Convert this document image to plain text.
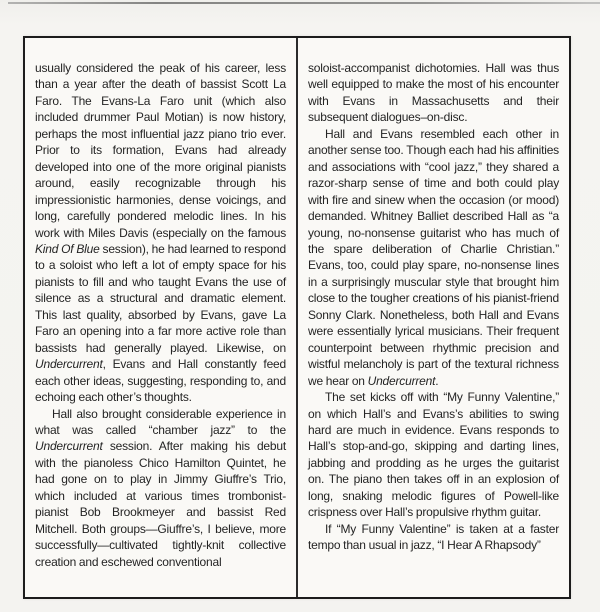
usually considered the peak of his career, less than a year after the death of bassist Scott La Faro. The Evans-La Faro unit (which also included drummer Paul Motian) is now history, perhaps the most influential jazz piano trio ever. Prior to its formation, Evans had already developed into one of the more original pianists around, easily recognizable through his impressionistic harmonies, dense voicings, and long, carefully pondered melodic lines. In his work with Miles Davis (especially on the famous Kind Of Blue session), he had learned to respond to a soloist who left a lot of empty space for his pianists to fill and who taught Evans the use of silence as a structural and dramatic element. This last quality, absorbed by Evans, gave La Faro an opening into a far more active role than bassists had generally played. Likewise, on Undercurrent, Evans and Hall constantly feed each other ideas, suggesting, responding to, and echoing each other’s thoughts.

Hall also brought considerable experience in what was called “chamber jazz” to the Undercurrent session. After making his debut with the pianoless Chico Hamilton Quintet, he had gone on to play in Jimmy Giuffre’s Trio, which included at various times trombonist-pianist Bob Brookmeyer and bassist Red Mitchell. Both groups—Giuffre’s, I believe, more successfully—cultivated tightly-knit collective creation and eschewed conventional

soloist-accompanist dichotomies. Hall was thus well equipped to make the most of his encounter with Evans in Massachusetts and their subsequent dialogues–on-disc.

Hall and Evans resembled each other in another sense too. Though each had his affinities and associations with “cool jazz,” they shared a razor-sharp sense of time and both could play with fire and sinew when the occasion (or mood) demanded. Whitney Balliet described Hall as “a young, no-nonsense guitarist who has much of the spare deliberation of Charlie Christian.” Evans, too, could play spare, no-nonsense lines in a surprisingly muscular style that brought him close to the tougher creations of his pianist-friend Sonny Clark. Nonetheless, both Hall and Evans were essentially lyrical musicians. Their frequent counterpoint between rhythmic precision and wistful melancholy is part of the textural richness we hear on Undercurrent.

The set kicks off with “My Funny Valentine,” on which Hall’s and Evans’s abilities to swing hard are much in evidence. Evans responds to Hall’s stop-and-go, skipping and darting lines, jabbing and prodding as he urges the guitarist on. The piano then takes off in an explosion of long, snaking melodic figures of Powell-like crispness over Hall’s propulsive rhythm guitar.

If “My Funny Valentine” is taken at a faster tempo than usual in jazz, “I Hear A Rhapsody”
